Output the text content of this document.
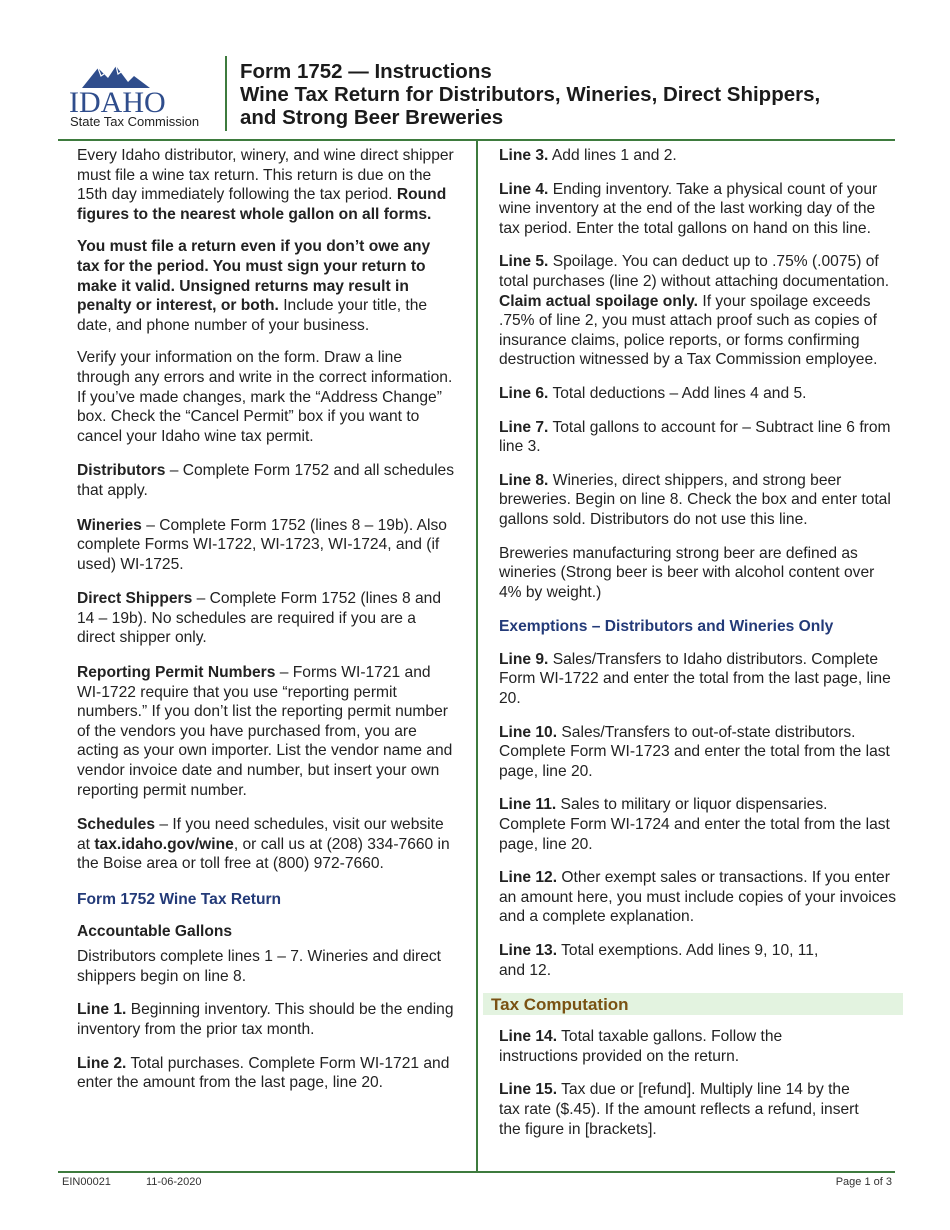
IDAHO
State Tax Commission
Form 1752 — Instructions
Wine Tax Return for Distributors, Wineries, Direct Shippers,
and Strong Beer Breweries

Every Idaho distributor, winery, and wine direct shipper must file a wine tax return. This return is due on the 15th day immediately following the tax period. Round figures to the nearest whole gallon on all forms.

You must file a return even if you don’t owe any tax for the period. You must sign your return to make it valid. Unsigned returns may result in penalty or interest, or both. Include your title, the date, and phone number of your business.

Verify your information on the form. Draw a line through any errors and write in the correct information. If you’ve made changes, mark the “Address Change” box. Check the “Cancel Permit” box if you want to cancel your Idaho wine tax permit.

Distributors – Complete Form 1752 and all schedules that apply.

Wineries – Complete Form 1752 (lines 8 – 19b). Also complete Forms WI-1722, WI-1723, WI-1724, and (if used) WI-1725.

Direct Shippers – Complete Form 1752 (lines 8 and 14 – 19b). No schedules are required if you are a direct shipper only.

Reporting Permit Numbers – Forms WI-1721 and WI-1722 require that you use “reporting permit numbers.” If you don’t list the reporting permit number of the vendors you have purchased from, you are acting as your own importer. List the vendor name and vendor invoice date and number, but insert your own reporting permit number.

Schedules – If you need schedules, visit our website at tax.idaho.gov/wine, or call us at (208) 334-7660 in the Boise area or toll free at (800) 972-7660.

Form 1752 Wine Tax Return
Accountable Gallons

Distributors complete lines 1 – 7. Wineries and direct shippers begin on line 8.

Line 1. Beginning inventory. This should be the ending inventory from the prior tax month.

Line 2. Total purchases. Complete Form WI-1721 and enter the amount from the last page, line 20.

Line 3. Add lines 1 and 2.

Line 4. Ending inventory. Take a physical count of your wine inventory at the end of the last working day of the tax period. Enter the total gallons on hand on this line.

Line 5. Spoilage. You can deduct up to .75% (.0075) of total purchases (line 2) without attaching documentation. Claim actual spoilage only. If your spoilage exceeds .75% of line 2, you must attach proof such as copies of insurance claims, police reports, or forms confirming destruction witnessed by a Tax Commission employee.

Line 6. Total deductions – Add lines 4 and 5.

Line 7. Total gallons to account for – Subtract line 6 from line 3.

Line 8. Wineries, direct shippers, and strong beer breweries. Begin on line 8. Check the box and enter total gallons sold. Distributors do not use this line.

Breweries manufacturing strong beer are defined as wineries (Strong beer is beer with alcohol content over 4% by weight.)

Exemptions – Distributors and Wineries Only

Line 9. Sales/Transfers to Idaho distributors. Complete Form WI-1722 and enter the total from the last page, line 20.

Line 10. Sales/Transfers to out-of-state distributors. Complete Form WI-1723 and enter the total from the last page, line 20.

Line 11. Sales to military or liquor dispensaries. Complete Form WI-1724 and enter the total from the last page, line 20.

Line 12. Other exempt sales or transactions. If you enter an amount here, you must include copies of your invoices and a complete explanation.

Line 13. Total exemptions. Add lines 9, 10, 11, and 12.

Tax Computation

Line 14. Total taxable gallons. Follow the instructions provided on the return.

Line 15. Tax due or [refund]. Multiply line 14 by the tax rate ($.45). If the amount reflects a refund, insert the figure in [brackets].

EIN00021	11-06-2020	Page 1 of 3
